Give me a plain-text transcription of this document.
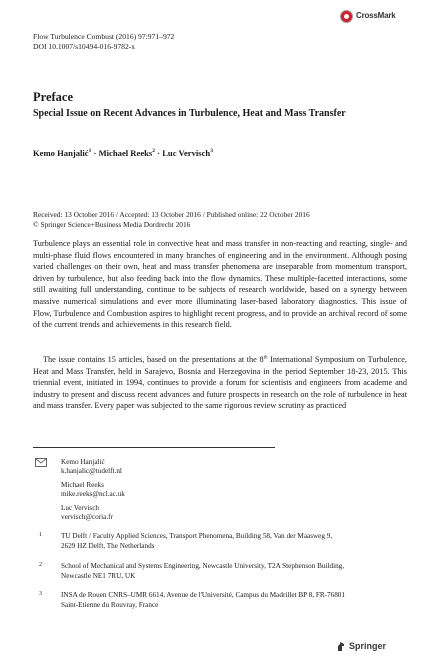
Flow Turbulence Combust (2016) 97:971–972
DOI 10.1007/s10494-016-9782-x
CrossMark
Preface
Special Issue on Recent Advances in Turbulence, Heat and Mass Transfer
Kemo Hanjalić$^1$ · Michael Reeks$^2$ · Luc Vervisch$^3$
Received: 13 October 2016 / Accepted: 13 October 2016 / Published online: 22 October 2016
© Springer Science+Business Media Dordrecht 2016

Turbulence plays an essential role in convective heat and mass transfer in non-reacting and reacting, single- and multi-phase fluid flows encountered in many branches of engineering and in the environment. Although posing varied challenges on their own, heat and mass transfer phenomena are inseparable from momentum transport, driven by turbulence, but also feeding back into the flow dynamics. These multiple-facetted interactions, some still awaiting full understanding, continue to be subjects of research worldwide, based on a synergy between massive numerical simulations and ever more illuminating laser-based laboratory diagnostics. This issue of Flow, Turbulence and Combustion aspires to highlight recent progress, and to provide an archival record of some of the current trends and achievements in this research field.

The issue contains 15 articles, based on the presentations at the 8th International Symposium on Turbulence, Heat and Mass Transfer, held in Sarajevo, Bosnia and Herzegovina in the period September 18-23, 2015. This triennial event, initiated in 1994, continues to provide a forum for scientists and engineers from academe and industry to present and discuss recent advances and future prospects in research on the role of turbulence in heat and mass transfer. Every paper was subjected to the same rigorous review scrutiny as practiced

Kemo Hanjalić
k.hanjalic@tudelft.nl
Michael Reeks
mike.reeks@ncl.ac.uk
Luc Vervisch
vervisch@coria.fr
1	TU Delft / Faculty Applied Sciences, Transport Phenomena, Building 58, Van der Maasweg 9,
2629 HZ Delft, The Netherlands
2	School of Mechanical and Systems Engineering, Newcastle University, T2A Stephenson Building,
Newcastle NE1 7RU, UK
3	INSA de Rouen CNRS–UMR 6614, Avenue de l'Université, Campus du Madrillet BP 8, FR-76801
Saint-Etienne du Rouvray, France
Springer
